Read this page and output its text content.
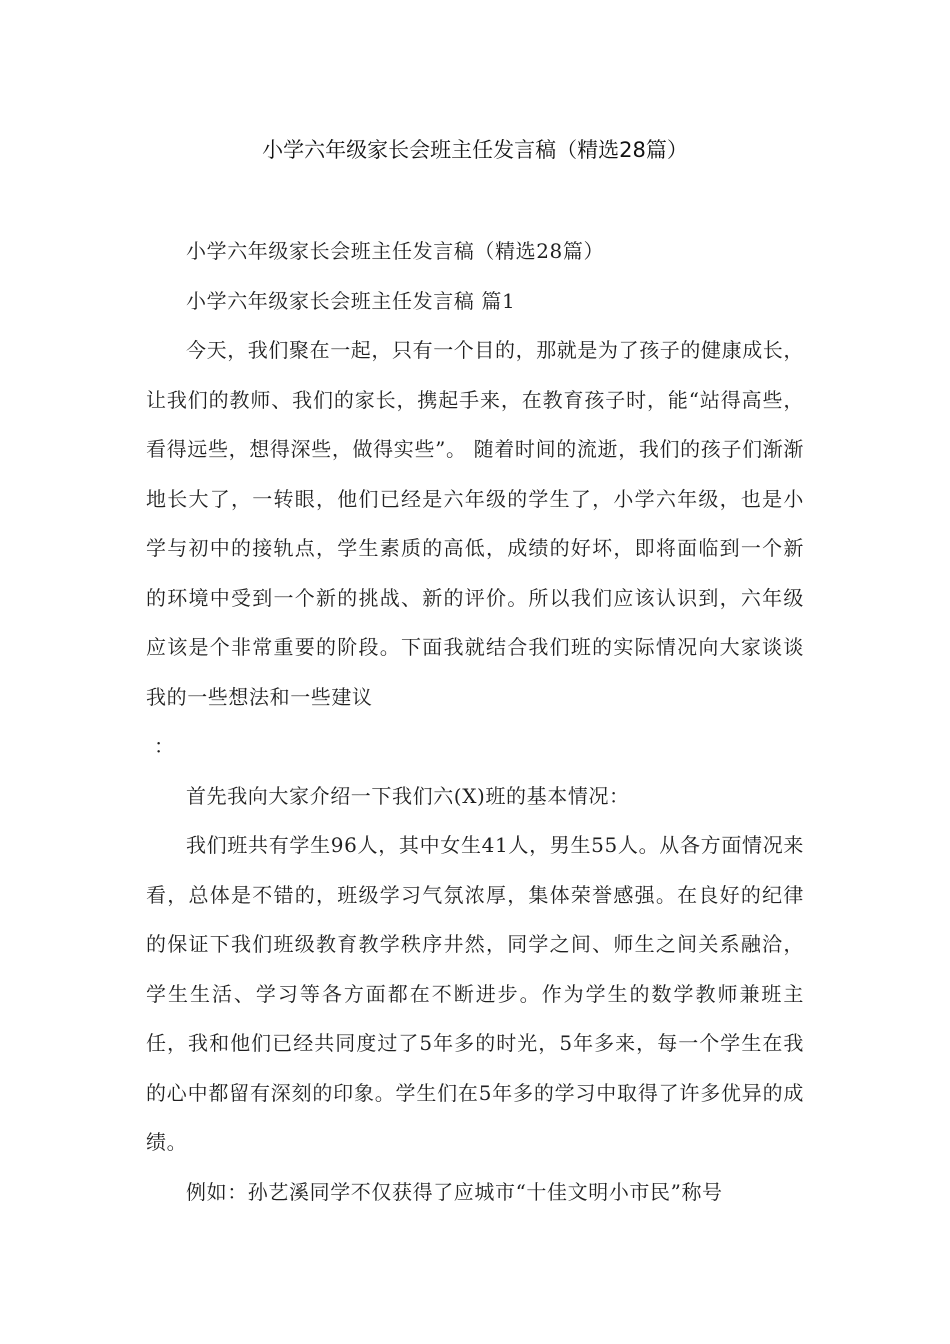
小学六年级家长会班主任发言稿（精选28篇）

小学六年级家长会班主任发言稿（精选28篇）

小学六年级家长会班主任发言稿 篇1

今天，我们聚在一起，只有一个目的，那就是为了孩子的健康成长，让我们的教师、我们的家长，携起手来，在教育孩子时，能“站得高些，看得远些，想得深些，做得实些”。 随着时间的流逝，我们的孩子们渐渐地长大了，一转眼，他们已经是六年级的学生了，小学六年级，也是小学与初中的接轨点，学生素质的高低，成绩的好坏，即将面临到一个新的环境中受到一个新的挑战、新的评价。所以我们应该认识到，六年级应该是个非常重要的阶段。下面我就结合我们班的实际情况向大家谈谈我的一些想法和一些建议

：

首先我向大家介绍一下我们六(X)班的基本情况：

我们班共有学生96人，其中女生41人，男生55人。从各方面情况来看，总体是不错的，班级学习气氛浓厚，集体荣誉感强。在良好的纪律的保证下我们班级教育教学秩序井然，同学之间、师生之间关系融洽，学生生活、学习等各方面都在不断进步。作为学生的数学教师兼班主任，我和他们已经共同度过了5年多的时光，5年多来，每一个学生在我的心中都留有深刻的印象。学生们在5年多的学习中取得了许多优异的成绩。

例如：孙艺溪同学不仅获得了应城市“十佳文明小市民”称号
